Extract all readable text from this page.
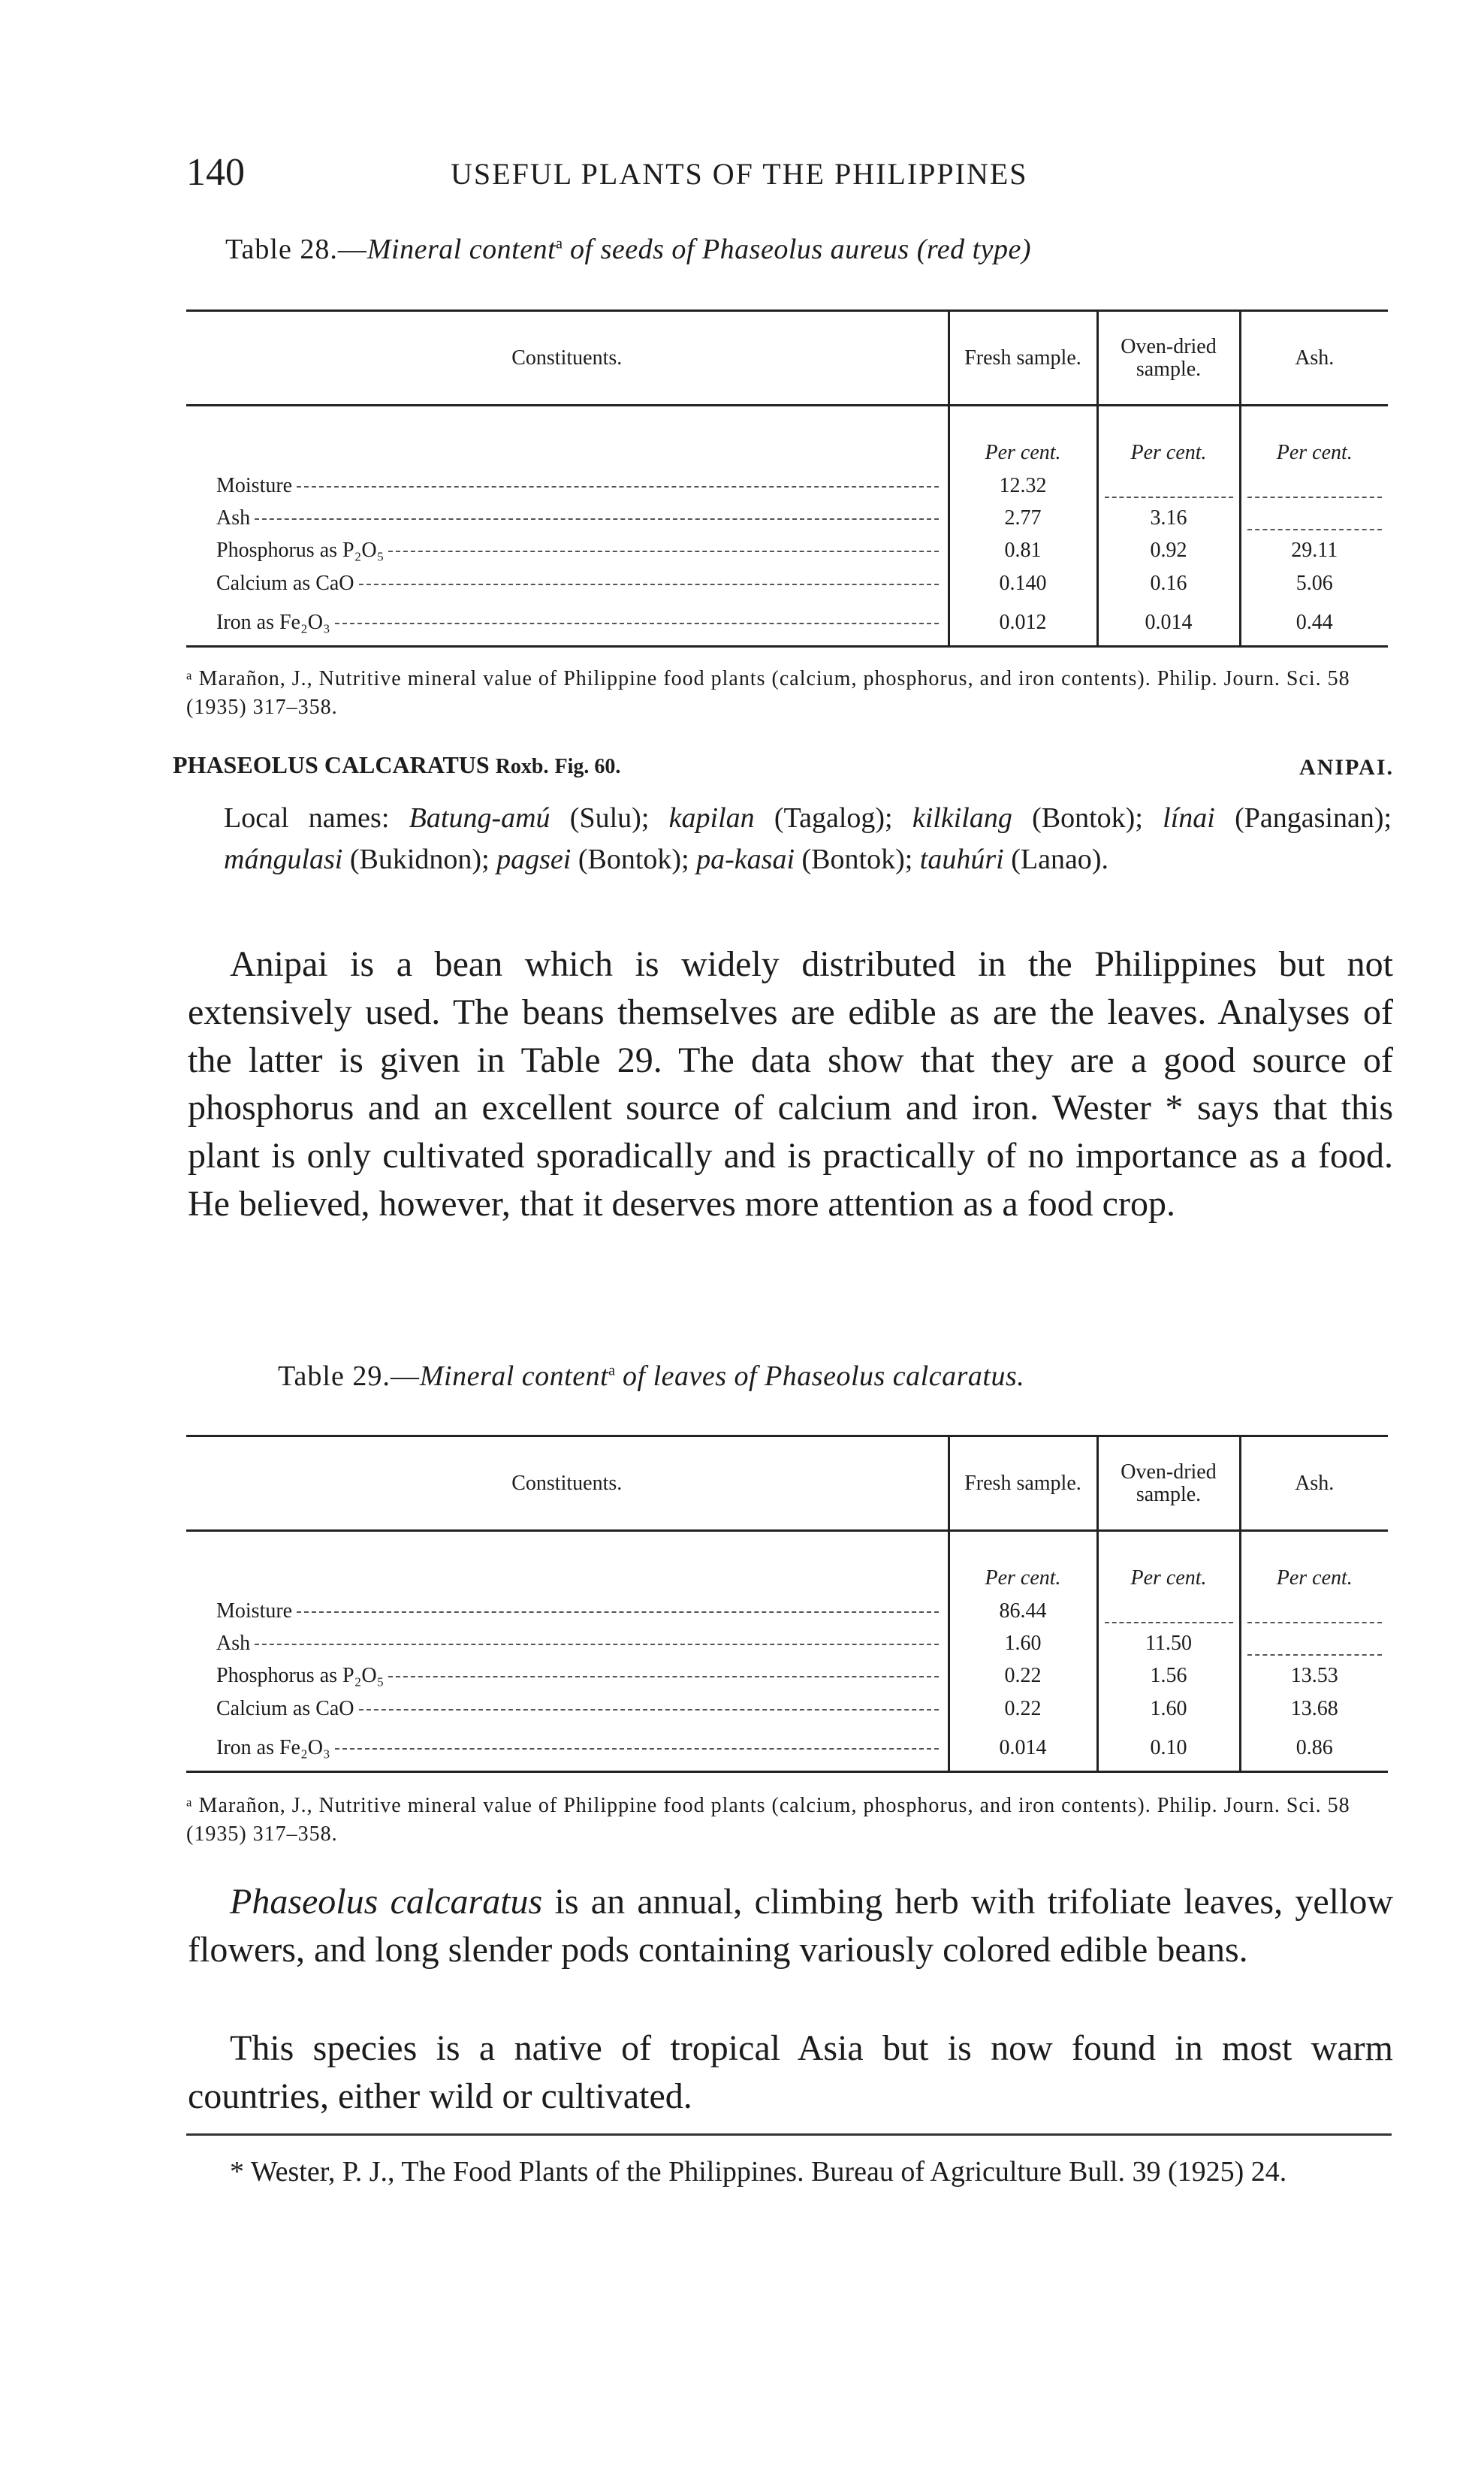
140	USEFUL PLANTS OF THE PHILIPPINES
Table 28.—Mineral content$^a$ of seeds of Phaseolus aureus (red type)
Constituents.	Fresh sample.	Oven-dried sample.	Ash.
	Per cent.	Per cent.	Per cent.

Moisture	12.32	

Ash	2.77	3.16	

Phosphorus as P₂O₅	0.81	0.92	29.11

Calcium as CaO	0.140	0.16	5.06

Iron as Fe₂O₃	0.012	0.014	0.44
ᵃ Marañon, J., Nutritive mineral value of Philippine food plants (calcium, phosphorus, and iron contents). Philip. Journ. Sci. 58 (1935) 317–358.
PHASEOLUS CALCARATUS Roxb. Fig. 60.	ANIPAI.
Local names: Batung-amú (Sulu); kapilan (Tagalog); kilkilang (Bontok); línai (Pangasinan); mángulasi (Bukidnon); pagsei (Bontok); pa-kasai (Bontok); tauhúri (Lanao).
Anipai is a bean which is widely distributed in the Philippines but not extensively used. The beans themselves are edible as are the leaves. Analyses of the latter is given in Table 29. The data show that they are a good source of phosphorus and an excellent source of calcium and iron. Wester * says that this plant is only cultivated sporadically and is practically of no importance as a food. He believed, however, that it deserves more attention as a food crop.
Table 29.—Mineral content$^a$ of leaves of Phaseolus calcaratus.
Constituents.	Fresh sample.	Oven-dried sample.	Ash.
	Per cent.	Per cent.	Per cent.

Moisture	86.44	

Ash	1.60	11.50	

Phosphorus as P₂O₅	0.22	1.56	13.53

Calcium as CaO	0.22	1.60	13.68

Iron as Fe₂O₃	0.014	0.10	0.86
ᵃ Marañon, J., Nutritive mineral value of Philippine food plants (calcium, phosphorus, and iron contents). Philip. Journ. Sci. 58 (1935) 317–358.
Phaseolus calcaratus is an annual, climbing herb with trifoliate leaves, yellow flowers, and long slender pods containing variously colored edible beans.
This species is a native of tropical Asia but is now found in most warm countries, either wild or cultivated.
* Wester, P. J., The Food Plants of the Philippines. Bureau of Agriculture Bull. 39 (1925) 24.
